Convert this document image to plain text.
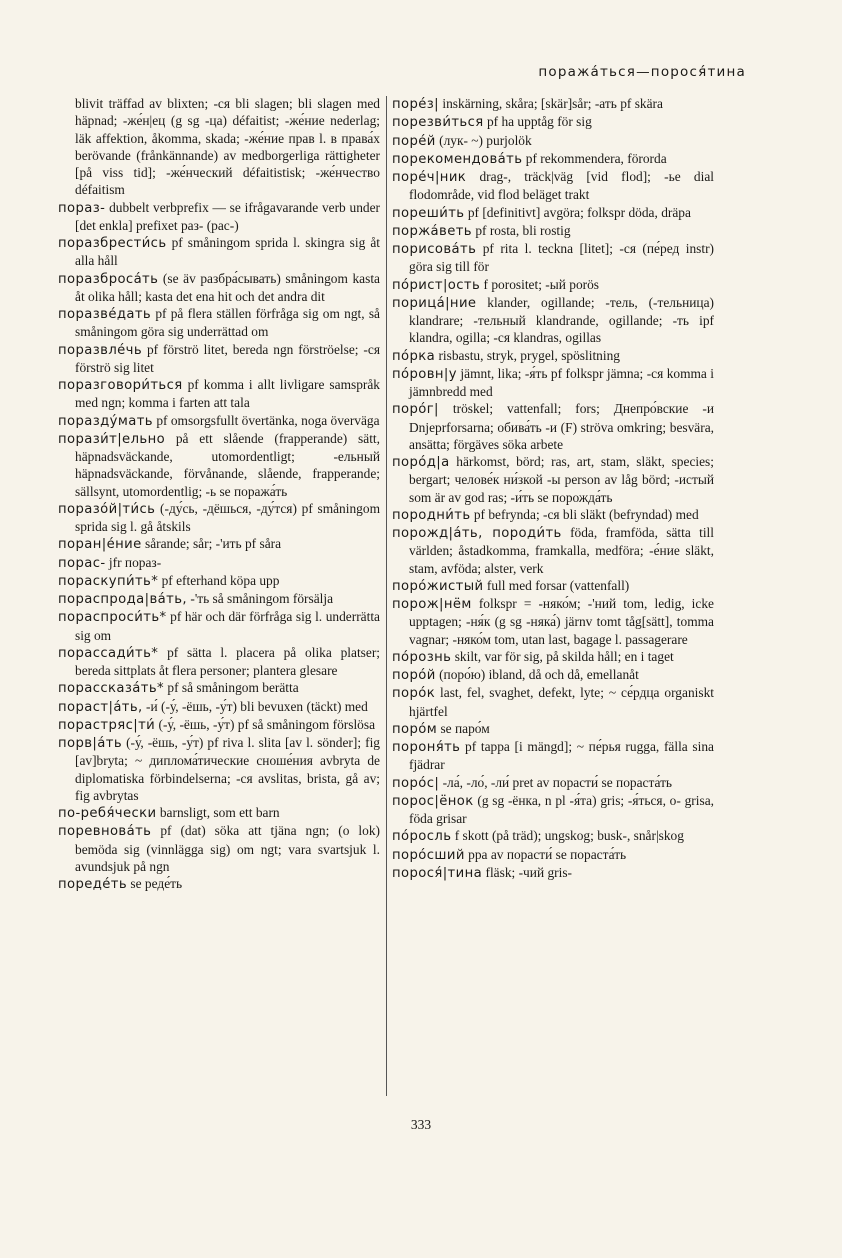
поража́ться—порося́тина

blivit träffad av blixten; -ся bli slagen; bli slagen med häpnad; -же́н|ец (g sg -ца) défaitist; -же́ние nederlag; läk affektion, åkomma, skada; -же́ние прав l. в права́х berövande (frånkännande) av medborgerliga rättigheter [på viss tid]; -же́нческий défaitistisk; -же́нчество défaitism

пораз- dubbelt verbprefix — se ifrågavarande verb under [det enkla] prefixet раз- (рас-)

поразбрести́сь pf småningom sprida l. skingra sig åt alla håll

поразброса́ть (se äv разбра́сывать) småningom kasta åt olika håll; kasta det ena hit och det andra dit

поразве́дать pf på flera ställen förfråga sig om ngt, så småningom göra sig underrättad om

поразвле́чь pf förströ litet, bereda ngn förströelse; -ся förströ sig litet

поразговори́ться pf komma i allt livligare samspråk med ngn; komma i farten att tala

поразду́мать pf omsorgsfullt övertänka, noga överväga

порази́т|ельно på ett slående (frapperande) sätt, häpnadsväckande, utomordentligt; -ельный häpnadsväckande, förvånande, slående, frapperande; sällsynt, utomordentlig; -ь se поража́ть

поразо́й|ти́сь (-ду́сь, -дёшься, -ду́тся) pf småningom sprida sig l. gå åtskils

поран|е́ние sårande; sår; -'ить pf såra

порас- jfr пораз-

порaскупи́ть* pf efterhand köpa upp

пораспрода|ва́ть, -'ть så småningom försälja

пораспроси́ть* pf här och där förfråga sig l. underrätta sig om

порассади́ть* pf sätta l. placera på olika platser; bereda sittplats åt flera personer; plantera glesare

порассказа́ть* pf så småningom berätta

пораст|а́ть, -и́ (-у́, -ёшь, -у́т) bli bevuxen (täckt) med

порастряс|ти́ (-у́, -ёшь, -у́т) pf så småningom förslösa

порв|а́ть (-у́, -ёшь, -у́т) pf riva l. slita [av l. sönder]; fig [av]bryta; ~ диплома́тические сноше́ния avbryta de diplomatiska förbindelserna; -ся avslitas, brista, gå av; fig avbrytas

по-ребя́чески barnsligt, som ett barn

поревнова́ть pf (dat) söka att tjäna ngn; (o lok) bemöda sig (vinnlägga sig) om ngt; vara svartsjuk l. avundsjuk på ngn

пореде́ть se реде́ть

поре́з| inskärning, skåra; [skär]sår; -ать pf skära

порезви́ться pf ha upptåg för sig

поре́й (лук- ~) purjolök

порекомендова́ть pf rekommendera, förorda

поре́ч|ник drag-, träck|väg [vid flod]; -ье dial flodområde, vid flod beläget trakt

пореши́ть pf [definitivt] avgöra; folkspr döda, dräpa

поржа́веть pf rosta, bli rostig

порисова́ть pf rita l. teckna [litet]; -ся (пе́ред instr) göra sig till för

по́рист|ость f porositet; -ый porös

порица́|ние klander, ogillande; -тель, (-тельница) klandrare; -тельный klandrande, ogillande; -ть ipf klandra, ogilla; -ся klandras, ogillas

по́рка risbastu, stryk, prygel, spöslitning

по́ровн|у jämnt, lika; -я́ть pf folkspr jämna; -ся komma i jämnbredd med

поро́г| tröskel; vattenfall; fors; Днепро́вские -и Dnjeprforsarna; обива́ть -и (F) ströva omkring; besvära, ansätta; förgäves söka arbete

поро́д|а härkomst, börd; ras, art, stam, släkt, species; bergart; челове́к ни́зкой -ы person av låg börd; -истый som är av god ras; -и́ть se порожда́ть

породни́ть pf befrynda; -ся bli släkt (befryndad) med

порожд|а́ть, породи́ть föda, framföda, sätta till världen; åstadkomma, framkalla, medföra; -е́ние släkt, stam, avföda; alster, verk

поро́жистый full med forsar (vattenfall)

порож|нём folkspr = -няко́м; -'ний tom, ledig, icke upptagen; -ня́к (g sg -няка́) järnv tomt tåg[sätt], tomma vagnar; -няко́м tom, utan last, bagage l. passagerare

по́рознь skilt, var för sig, på skilda håll; en i taget

поро́й (поро́ю) ibland, då och då, emellanåt

поро́к last, fel, svaghet, defekt, lyte; ~ се́рдца organiskt hjärtfel

поро́м se паро́м

пороня́ть pf tappa [i mängd]; ~ пе́рья rugga, fälla sina fjädrar

поро́с| -ла́, -ло́, -ли́ pret av порасти́ se пораста́ть

порос|ёнок (g sg -ёнка, n pl -я́та) gris; -я́ться, о- grisa, föda grisar

по́росль f skott (på träd); ungskog; busk-, snår|skog

поро́сший ppa av порасти́ se пораста́ть

порося́|тина fläsk; -чий gris-

333
